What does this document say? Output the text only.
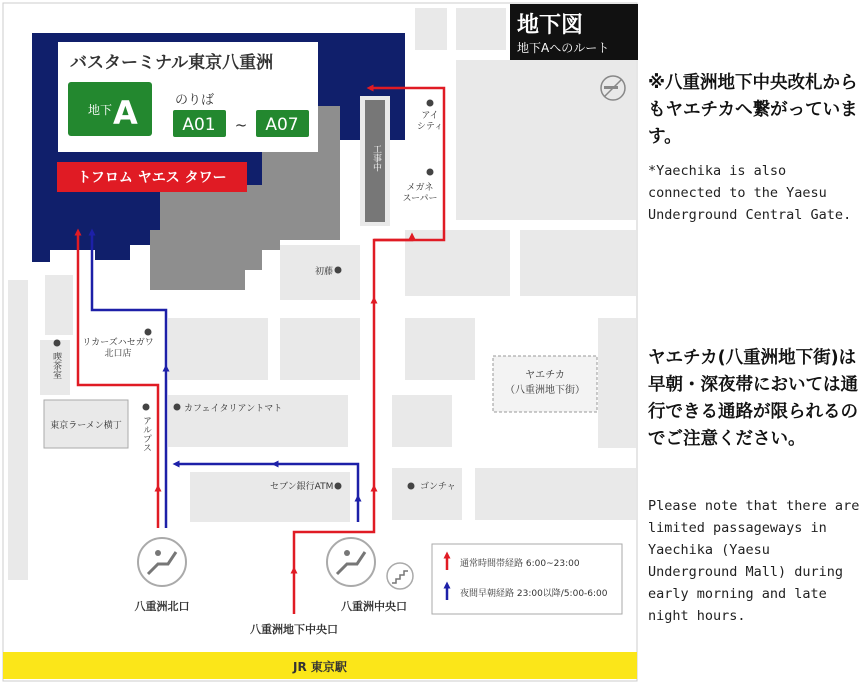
工事中
バスターミナル東京八重洲
地下 A	のりば
A01 ~ A07
トフロム ヤエス タワー
地下図
地下Aへのルート
アイシティ
メガネスーパー
初藤
リカーズハセガワ北口店
喫茶室
アルプス
カフェイタリアントマト
セブン銀行ATM	ゴンチャ
東京ラーメン横丁
ヤエチカ（八重洲地下街）
八重洲北口	八重洲中央口
八重洲地下中央口
通常時間帯経路 6:00~23:00
夜間早朝経路 23:00以降/5:00-6:00
JR 東京駅
※八重洲地下中央改札からもヤエチカへ繋がっています。
*Yaechika is also connected to the Yaesu Underground Central Gate.
ヤエチカ(八重洲地下街)は早朝・深夜帯においては通行できる通路が限られるのでご注意ください。
Please note that there are limited passageways in Yaechika (Yaesu Underground Mall) during early morning and late night hours.
